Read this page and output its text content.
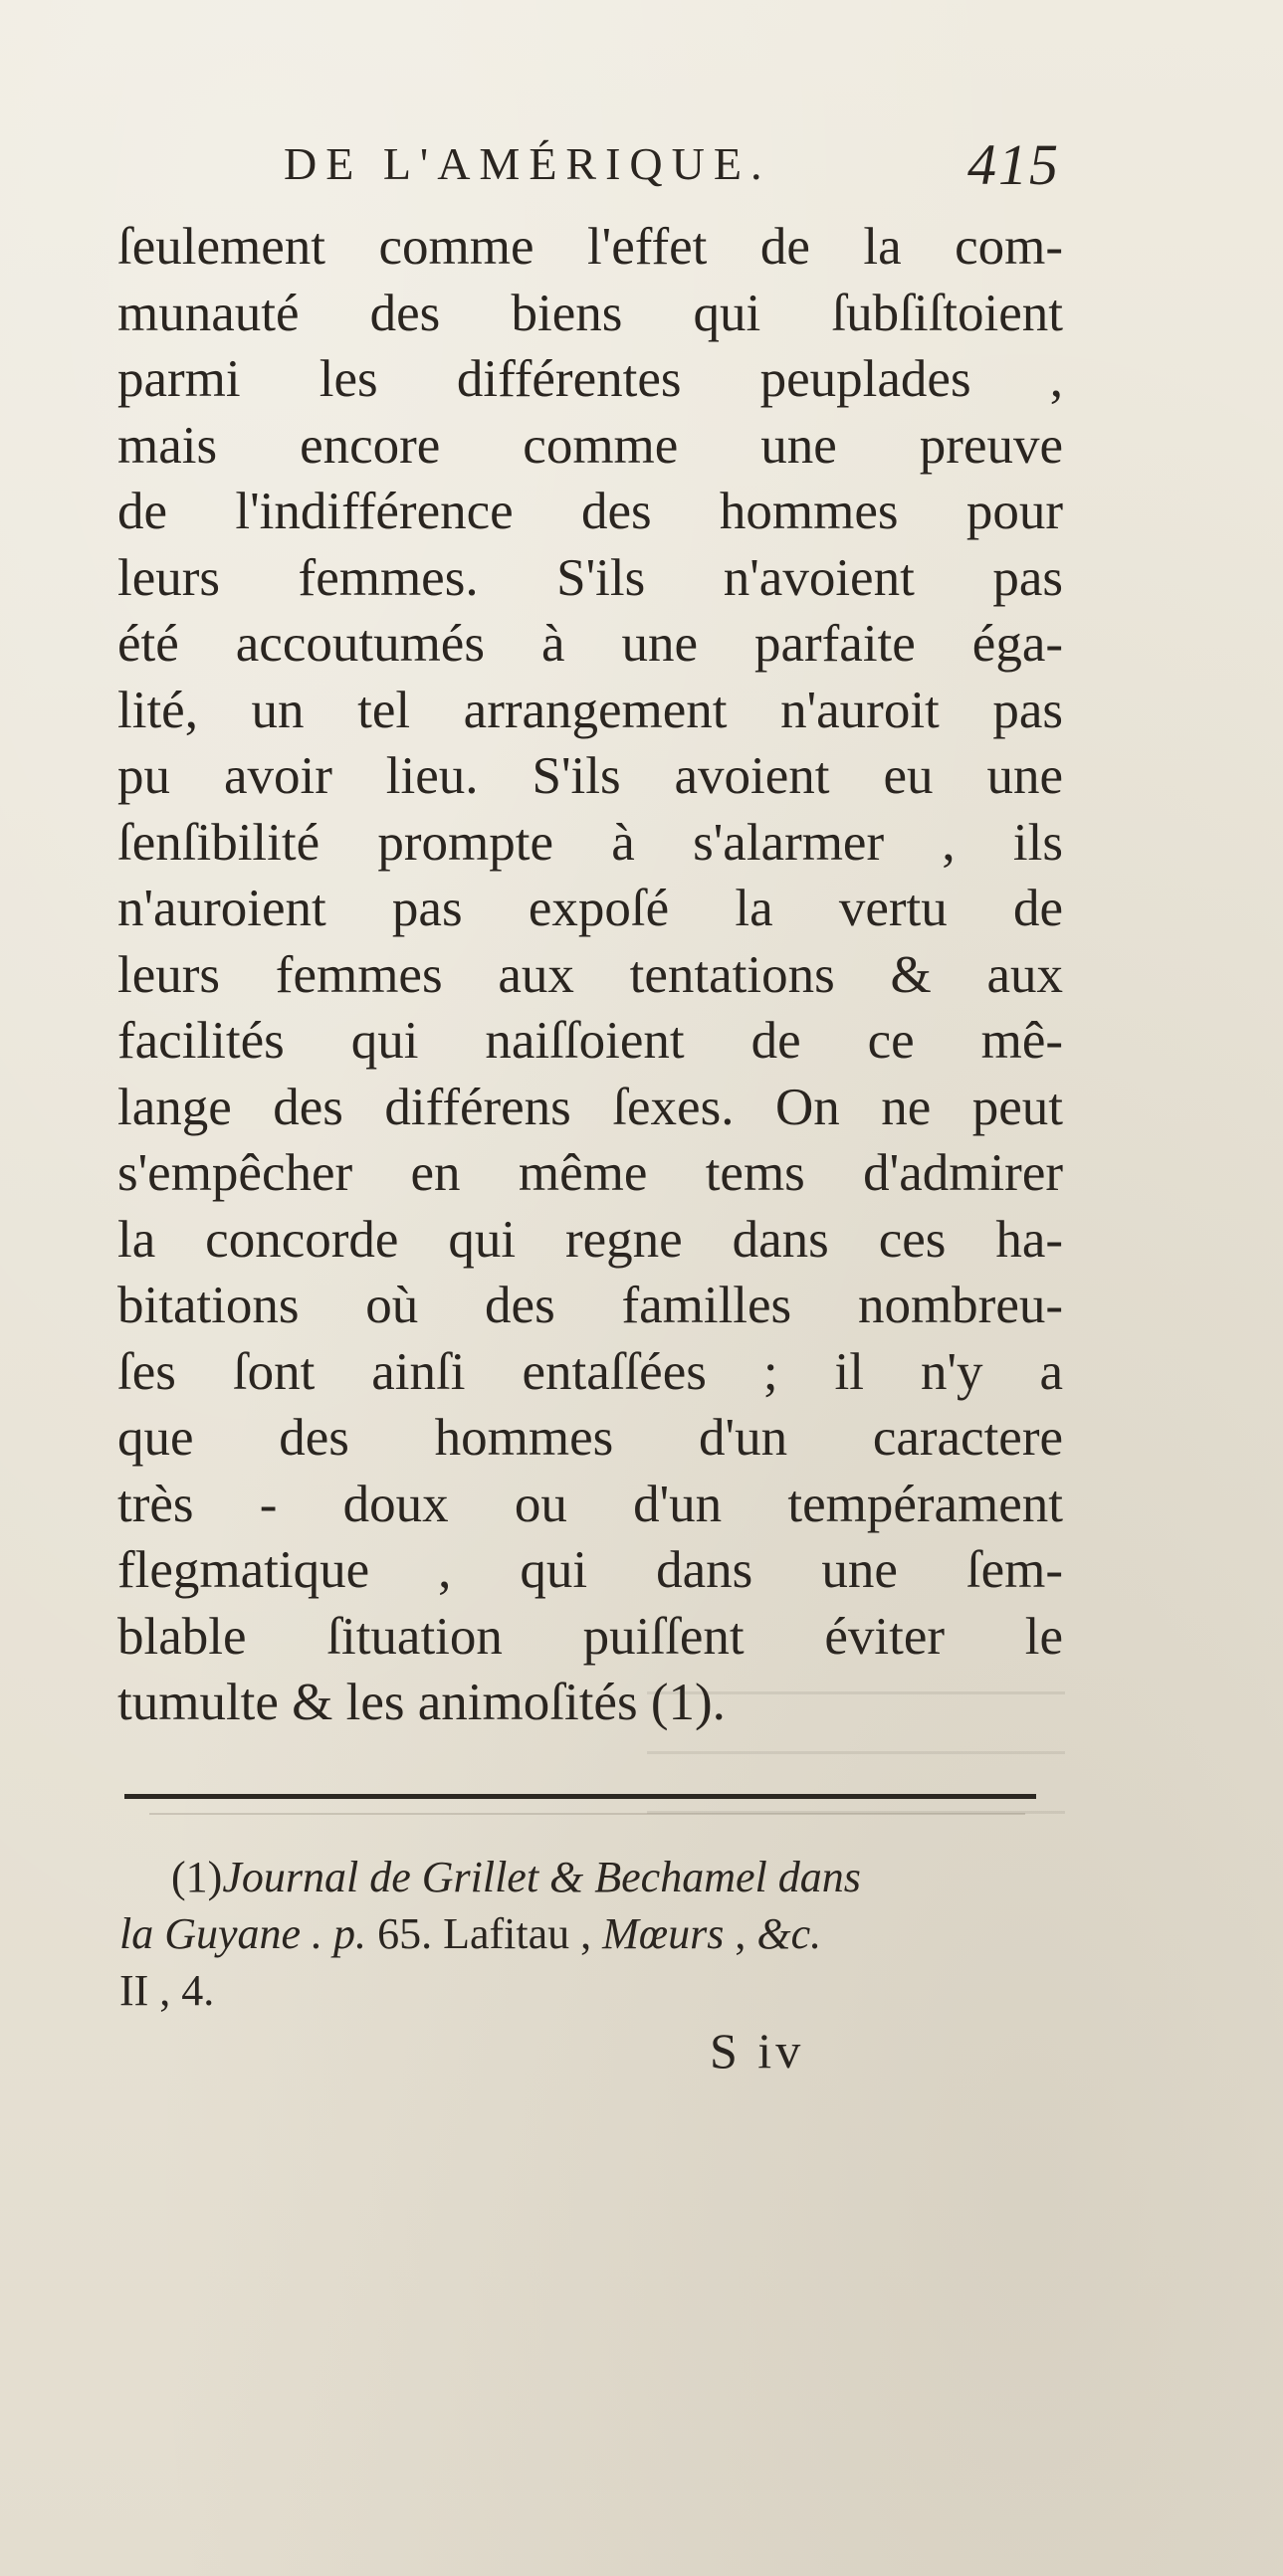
DE L'AMÉRIQUE.	415
ſeulement comme l'effet de la com-
munauté des biens qui ſubſiſtoient
parmi les différentes peuplades ,
mais encore comme une preuve
de l'indifférence des hommes pour
leurs femmes. S'ils n'avoient pas
été accoutumés à une parfaite éga-
lité, un tel arrangement n'auroit pas
pu avoir lieu. S'ils avoient eu une
ſenſibilité prompte à s'alarmer , ils
n'auroient pas expoſé la vertu de
leurs femmes aux tentations & aux
facilités qui naiſſoient de ce mê-
lange des différens ſexes. On ne peut
s'empêcher en même tems d'admirer
la concorde qui regne dans ces ha-
bitations où des familles nombreu-
ſes ſont ainſi entaſſées ; il n'y a
que des hommes d'un caractere
très - doux ou d'un tempérament
flegmatique , qui dans une ſem-
blable ſituation puiſſent éviter le
tumulte & les animoſités (1).
(1)Journal de Grillet & Bechamel dans
la Guyane . p. 65. Lafitau , Mœurs , &c.
II , 4.
S iv
